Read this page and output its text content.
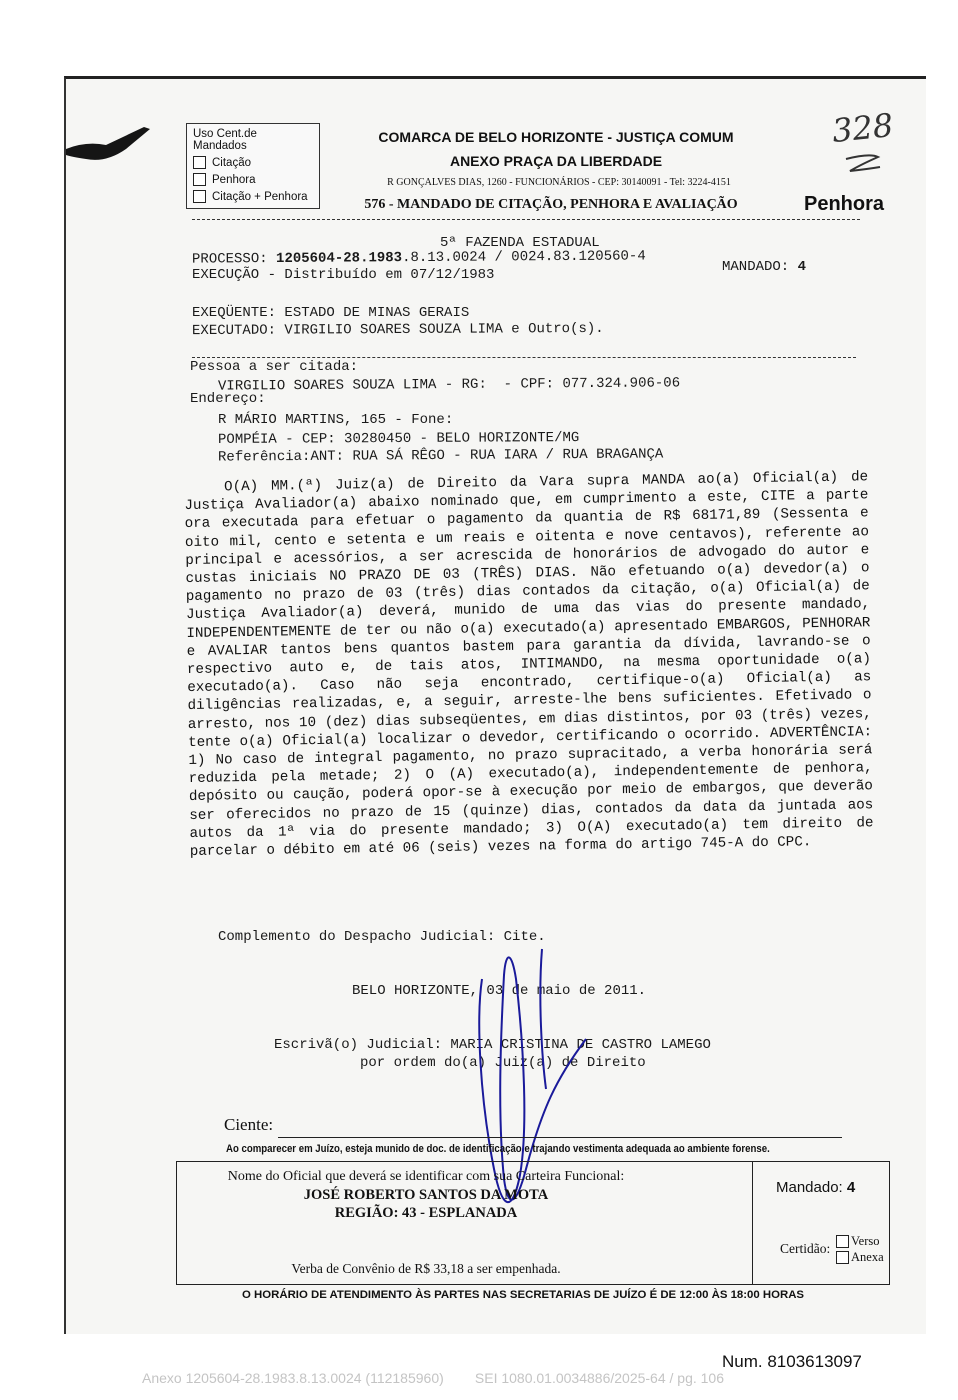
Uso Cent.de Mandados
Citação
Penhora
Citação + Penhora
COMARCA DE BELO HORIZONTE - JUSTIÇA COMUM
ANEXO PRAÇA DA LIBERDADE
R GONÇALVES DIAS, 1260 - FUNCIONÁRIOS - CEP: 30140091 - Tel: 3224-4151
576 - MANDADO DE CITAÇÃO, PENHORA E AVALIAÇÃO	Penhora
328
5ª FAZENDA ESTADUAL
PROCESSO: 1205604-28.1983.8.13.0024 / 0024.83.120560-4
MANDADO: 4
EXECUÇÃO - Distribuído em 07/12/1983
EXEQÜENTE: ESTADO DE MINAS GERAIS
EXECUTADO: VIRGILIO SOARES SOUZA LIMA e Outro(s).
Pessoa a ser citada:
VIRGILIO SOARES SOUZA LIMA - RG:  - CPF: 077.324.906-06
Endereço:
R MÁRIO MARTINS, 165 - Fone:
POMPÉIA - CEP: 30280450 - BELO HORIZONTE/MG
Referência:ANT: RUA SÁ RÊGO - RUA IARA / RUA BRAGANÇA
O(A) MM.(ª) Juiz(a) de Direito da Vara supra MANDA ao(a) Oficial(a) de Justiça Avaliador(a) abaixo nominado que, em cumprimento a este, CITE a parte ora executada para efetuar o pagamento da quantia de R$ 68171,89 (Sessenta e oito mil, cento e setenta e um reais e oitenta e nove centavos), referente ao principal e acessórios, a ser acrescida de honorários de advogado do autor e custas iniciais NO PRAZO DE 03 (TRÊS) DIAS. Não efetuando o(a) devedor(a) o pagamento no prazo de 03 (três) dias contados da citação, o(a) Oficial(a) de Justiça Avaliador(a) deverá, munido de uma das vias do presente mandado, INDEPENDENTEMENTE de ter ou não o(a) executado(a) apresentado EMBARGOS, PENHORAR e AVALIAR tantos bens quantos bastem para garantia da dívida, lavrando-se o respectivo auto e, de tais atos, INTIMANDO, na mesma oportunidade o(a) executado(a). Caso não seja encontrado, certifique-o(a) Oficial(a) as diligências realizadas, e, a seguir, arreste-lhe bens suficientes. Efetivado o arresto, nos 10 (dez) dias subseqüentes, em dias distintos, por 03 (três) vezes, tente o(a) Oficial(a) localizar o devedor, certificando o ocorrido. ADVERTÊNCIA: 1) No caso de integral pagamento, no prazo supracitado, a verba honorária será reduzida pela metade; 2) O (A) executado(a), independentemente de penhora, depósito ou caução, poderá opor-se à execução por meio de embargos, que deverão ser oferecidos no prazo de 15 (quinze) dias, contados da data da juntada aos autos da 1ª via do presente mandado; 3) O(A) executado(a) tem direito de parcelar o débito em até 06 (seis) vezes na forma do artigo 745-A do CPC.
Complemento do Despacho Judicial: Cite.
BELO HORIZONTE, 03 de maio de 2011.
Escrivã(o) Judicial: MARIA CRISTINA DE CASTRO LAMEGO
por ordem do(a) Juiz(a) de Direito
Ciente:
Ao comparecer em Juízo, esteja munido de doc. de identificação e trajando vestimenta adequada ao ambiente forense.
Nome do Oficial que deverá se identificar com sua Carteira Funcional:
JOSÉ ROBERTO SANTOS DA MOTA
REGIÃO: 43 - ESPLANADA
Verba de Convênio de R$ 33,18 a ser empenhada.
Mandado: 4
Certidão: Verso
Anexa
O HORÁRIO DE ATENDIMENTO ÀS PARTES NAS SECRETARIAS DE JUÍZO É DE 12:00 ÀS 18:00 HORAS
Num. 8103613097
Anexo 1205604-28.1983.8.13.0024 (112185960)        SEI 1080.01.0034886/2025-64 / pg. 106
